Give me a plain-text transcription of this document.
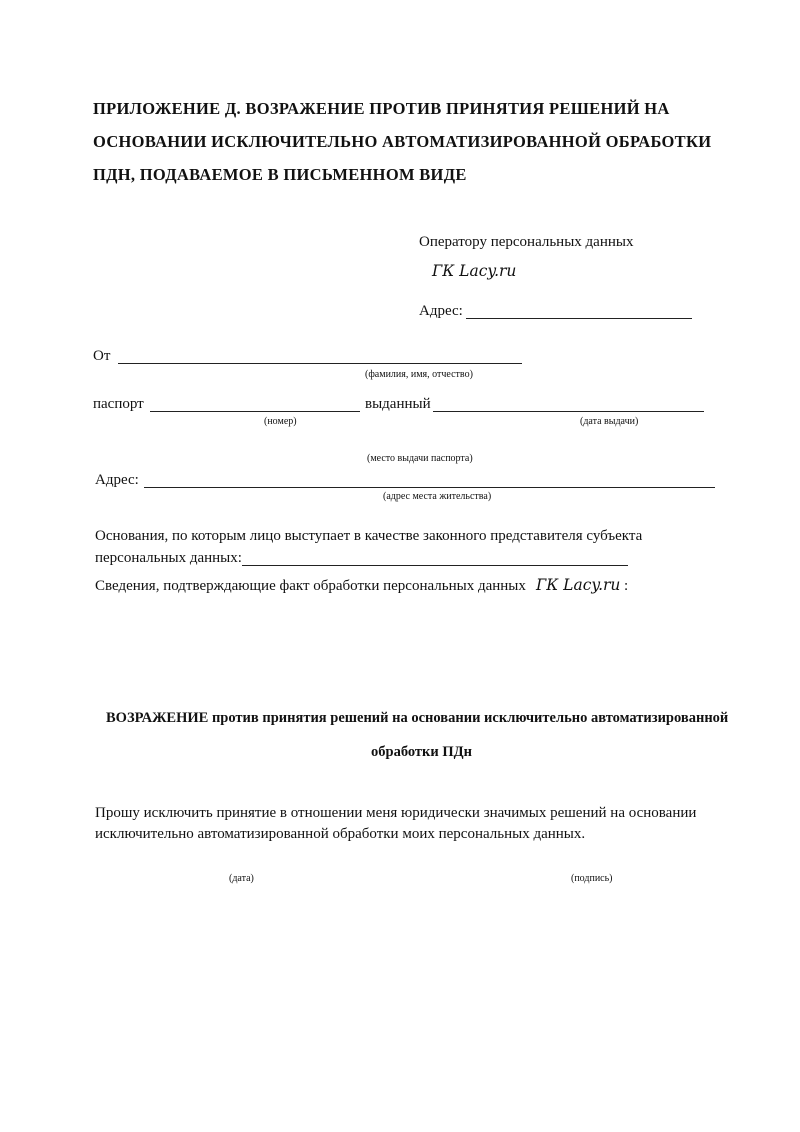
ПРИЛОЖЕНИЕ Д. ВОЗРАЖЕНИЕ ПРОТИВ ПРИНЯТИЯ РЕШЕНИЙ НА ОСНОВАНИИ ИСКЛЮЧИТЕЛЬНО АВТОМАТИЗИРОВАННОЙ ОБРАБОТКИ ПДН, ПОДАВАЕМОЕ В ПИСЬМЕННОМ ВИДЕ
Оператору персональных данных
ГК Lacy.ru
Адрес:
От
(фамилия, имя, отчество)
паспорт	выданный
(номер)	(дата выдачи)
(место выдачи паспорта)
Адрес:
(адрес места жительства)
Основания, по которым лицо выступает в качестве законного представителя субъекта
персональных данных:
Сведения, подтверждающие факт обработки персональных данных ГК Lacy.ru :
ВОЗРАЖЕНИЕ против принятия решений на основании исключительно автоматизированной
обработки ПДн
Прошу исключить принятие в отношении меня юридически значимых решений на основании
исключительно автоматизированной обработки моих персональных данных.
(дата)	(подпись)
